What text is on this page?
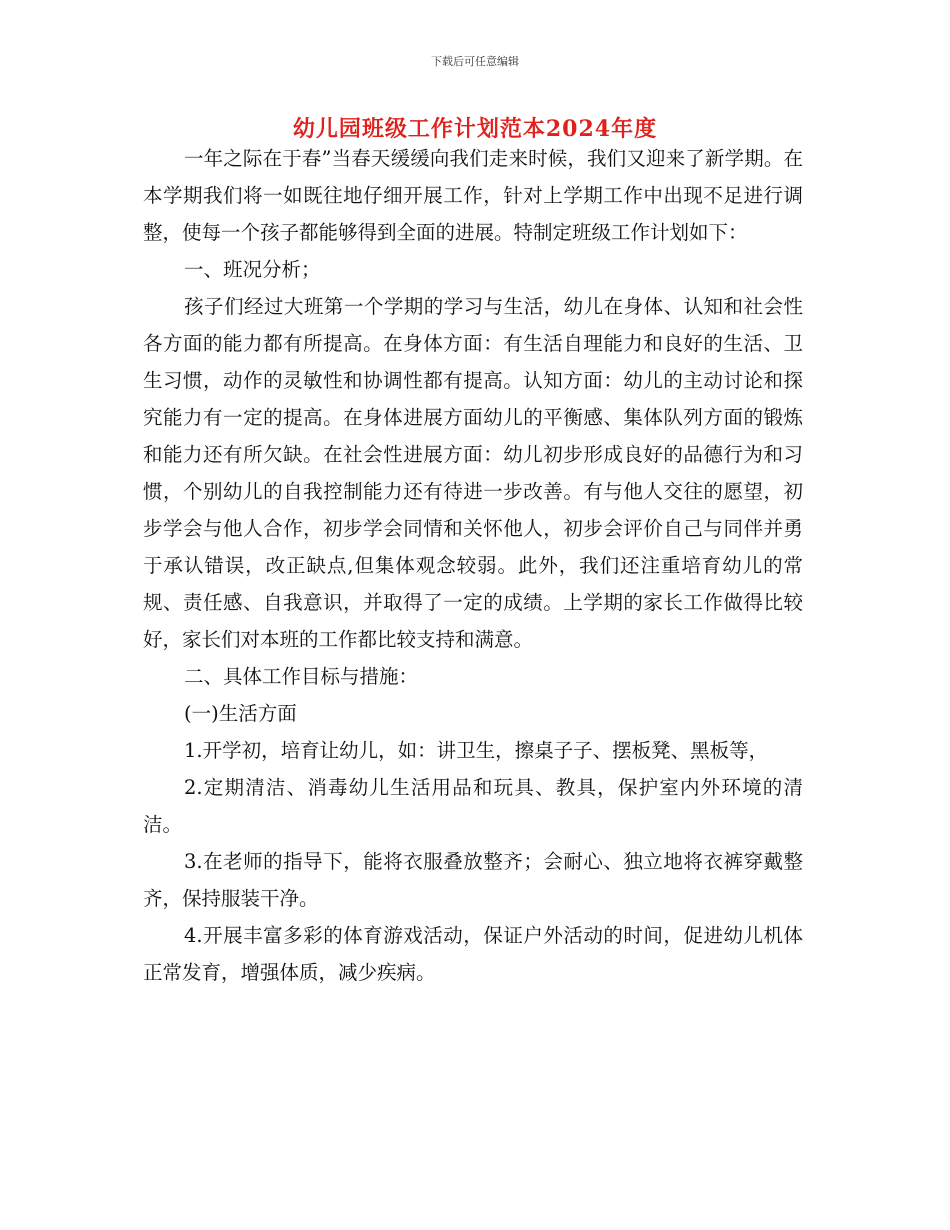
下载后可任意编辑
幼儿园班级工作计划范本2024年度

一年之际在于春”当春天缓缓向我们走来时候，我们又迎来了新学期。在本学期我们将一如既往地仔细开展工作，针对上学期工作中出现不足进行调整，使每一个孩子都能够得到全面的进展。特制定班级工作计划如下：

一、班况分析；

孩子们经过大班第一个学期的学习与生活，幼儿在身体、认知和社会性各方面的能力都有所提高。在身体方面：有生活自理能力和良好的生活、卫生习惯，动作的灵敏性和协调性都有提高。认知方面：幼儿的主动讨论和探究能力有一定的提高。在身体进展方面幼儿的平衡感、集体队列方面的锻炼和能力还有所欠缺。在社会性进展方面：幼儿初步形成良好的品德行为和习惯，个别幼儿的自我控制能力还有待进一步改善。有与他人交往的愿望，初步学会与他人合作，初步学会同情和关怀他人，初步会评价自己与同伴并勇于承认错误，改正缺点,但集体观念较弱。此外，我们还注重培育幼儿的常规、责任感、自我意识，并取得了一定的成绩。上学期的家长工作做得比较好，家长们对本班的工作都比较支持和满意。

二、具体工作目标与措施：

(一)生活方面

1.开学初，培育让幼儿，如：讲卫生，擦桌子子、摆板凳、黑板等，

2.定期清洁、消毒幼儿生活用品和玩具、教具，保护室内外环境的清洁。

3.在老师的指导下，能将衣服叠放整齐；会耐心、独立地将衣裤穿戴整齐，保持服装干净。

4.开展丰富多彩的体育游戏活动，保证户外活动的时间，促进幼儿机体正常发育，增强体质，减少疾病。
